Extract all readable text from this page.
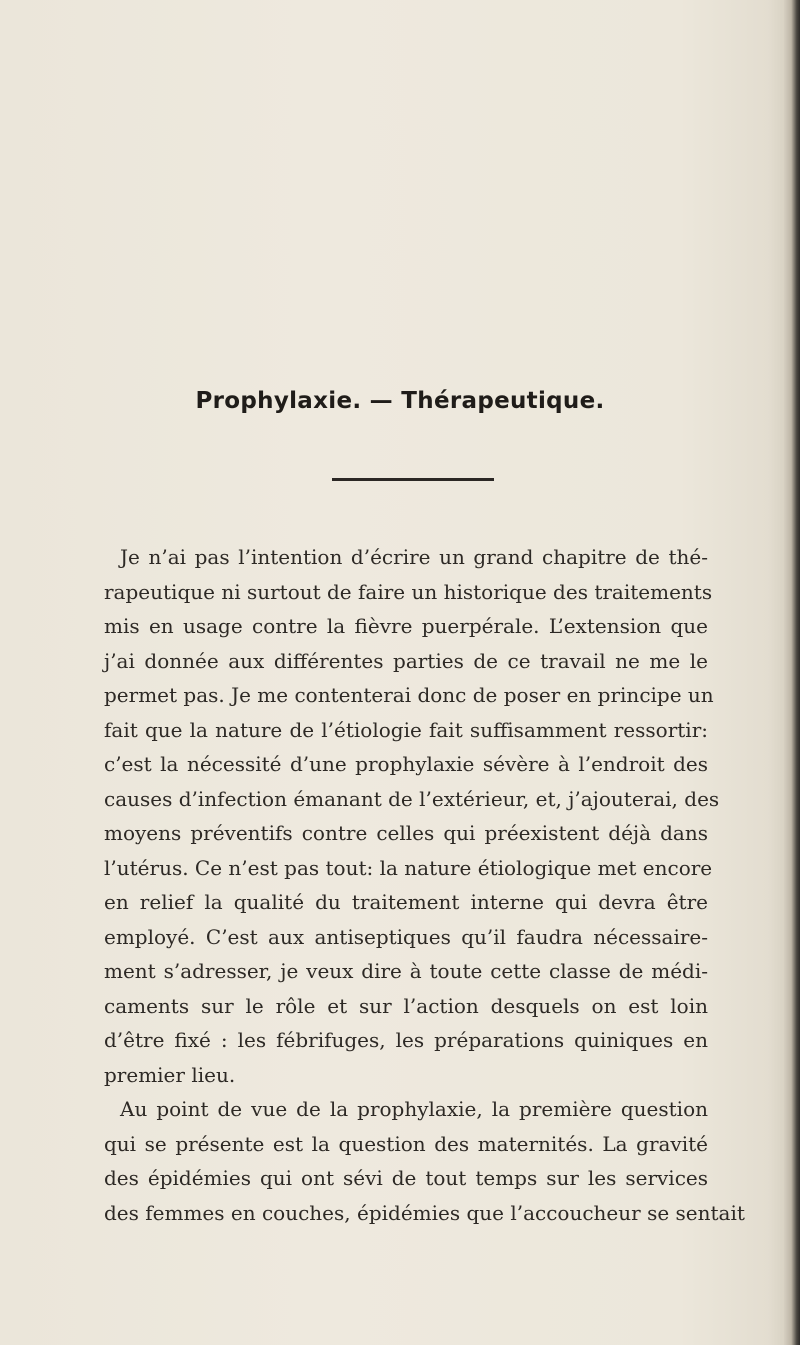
Prophylaxie. — Thérapeutique.
Je n’ai pas l’intention d’écrire un grand chapitre de thé-
rapeutique ni surtout de faire un historique des traitements
mis en usage contre la fièvre puerpérale. L’extension que
j’ai donnée aux différentes parties de ce travail ne me le
permet pas. Je me contenterai donc de poser en principe un
fait que la nature de l’étiologie fait suffisamment ressortir:
c’est la nécessité d’une prophylaxie sévère à l’endroit des
causes d’infection émanant de l’extérieur, et, j’ajouterai, des
moyens préventifs contre celles qui préexistent déjà dans
l’utérus. Ce n’est pas tout: la nature étiologique met encore
en relief la qualité du traitement interne qui devra être
employé. C’est aux antiseptiques qu’il faudra nécessaire-
ment s’adresser, je veux dire à toute cette classe de médi-
caments sur le rôle et sur l’action desquels on est loin
d’être fixé : les fébrifuges, les préparations quiniques en
premier lieu.
Au point de vue de la prophylaxie, la première question
qui se présente est la question des maternités. La gravité
des épidémies qui ont sévi de tout temps sur les services
des femmes en couches, épidémies que l’accoucheur se sentait
